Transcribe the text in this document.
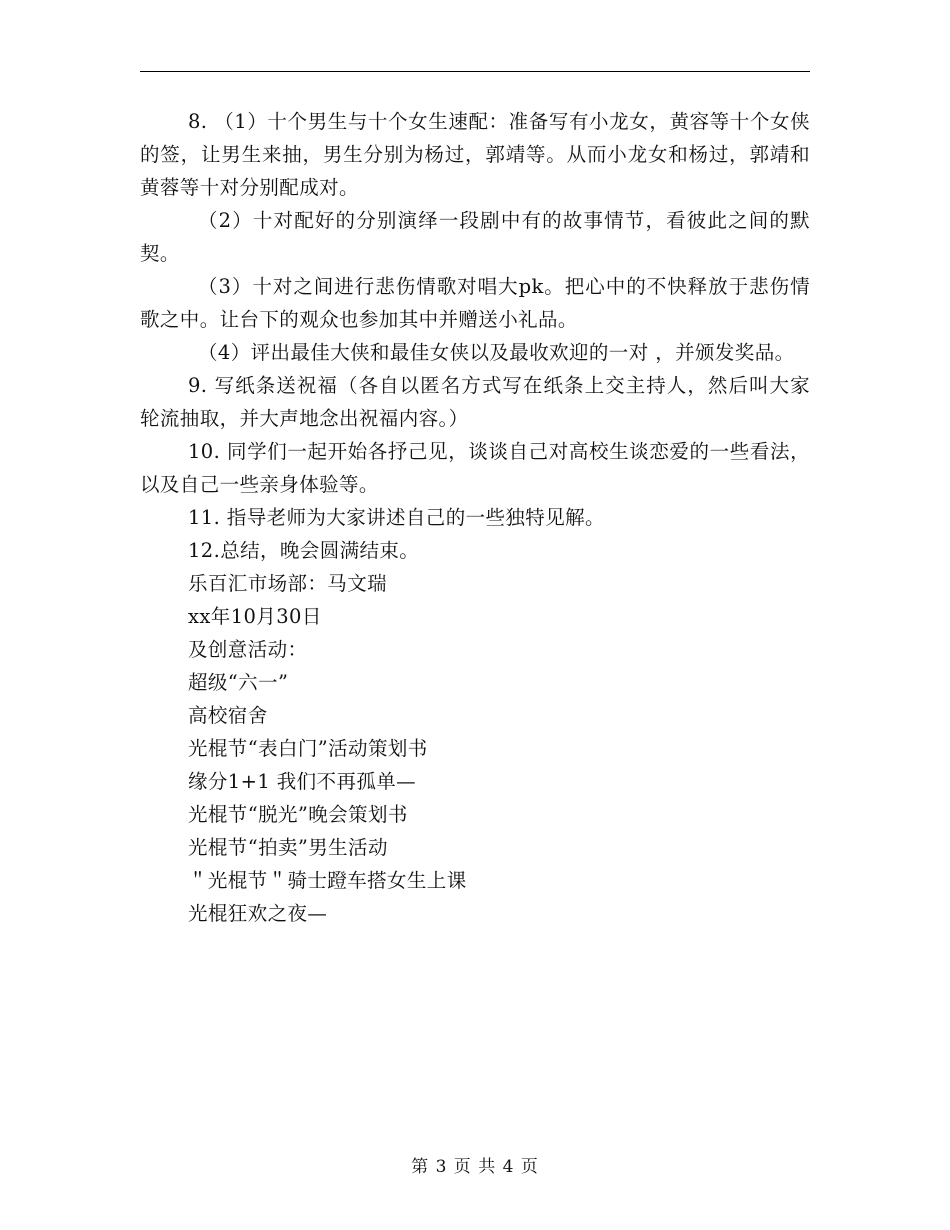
8. （1）十个男生与十个女生速配：准备写有小龙女，黄容等十个女侠的签，让男生来抽，男生分别为杨过，郭靖等。从而小龙女和杨过，郭靖和黄蓉等十对分别配成对。

（2）十对配好的分别演绎一段剧中有的故事情节，看彼此之间的默契。

（3）十对之间进行悲伤情歌对唱大pk。把心中的不快释放于悲伤情歌之中。让台下的观众也参加其中并赠送小礼品。

（4）评出最佳大侠和最佳女侠以及最收欢迎的一对 ，并颁发奖品。

9. 写纸条送祝福（各自以匿名方式写在纸条上交主持人，然后叫大家轮流抽取，并大声地念出祝福内容。）

10. 同学们一起开始各抒己见，谈谈自己对高校生谈恋爱的一些看法，以及自己一些亲身体验等。

11. 指导老师为大家讲述自己的一些独特见解。

12.总结，晚会圆满结束。

乐百汇市场部：马文瑞

xx年10月30日

及创意活动：

超级“六一”

高校宿舍

光棍节“表白门”活动策划书

缘分1+1 我们不再孤单—

光棍节“脱光”晚会策划书

光棍节“拍卖”男生活动

＂光棍节＂骑士蹬车搭女生上课

光棍狂欢之夜—

第 3 页 共 4 页
